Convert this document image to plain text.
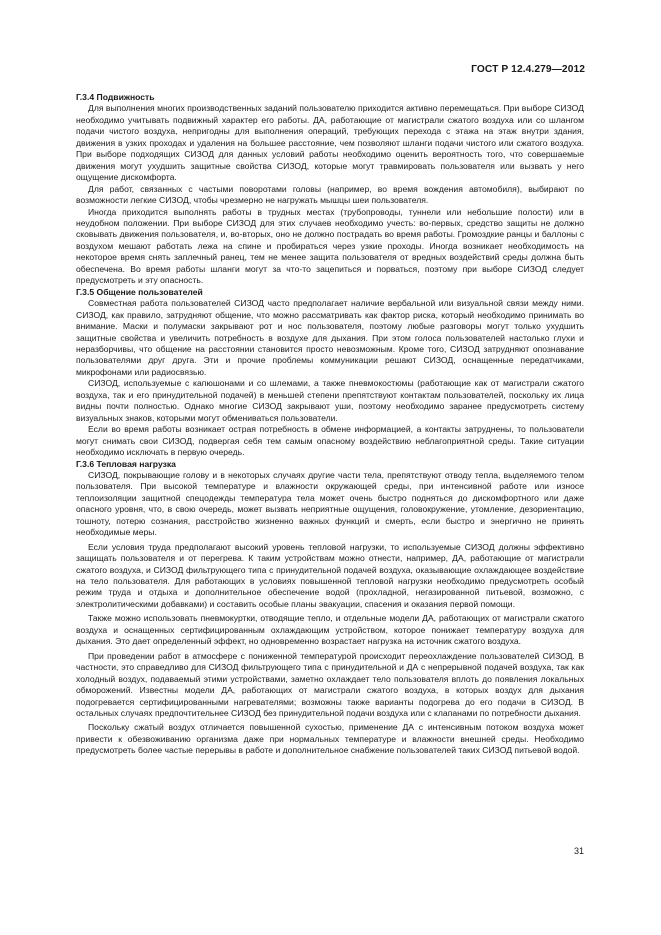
ГОСТ Р 12.4.279—2012
Г.3.4 Подвижность

Для выполнения многих производственных заданий пользователю приходится активно перемещаться. При выборе СИЗОД необходимо учитывать подвижный характер его работы. ДА, работающие от магистрали сжатого воздуха или со шлангом подачи чистого воздуха, непригодны для выполнения операций, требующих перехода с этажа на этаж внутри здания, движения в узких проходах и удаления на большее расстояние, чем позволяют шланги подачи чистого или сжатого воздуха. При выборе подходящих СИЗОД для данных условий работы необходимо оценить вероятность того, что совершаемые движения могут ухудшить защитные свойства СИЗОД, которые могут травмировать пользователя или вызвать у него ощущение дискомфорта.

Для работ, связанных с частыми поворотами головы (например, во время вождения автомобиля), выбирают по возможности легкие СИЗОД, чтобы чрезмерно не нагружать мышцы шеи пользователя.

Иногда приходится выполнять работы в трудных местах (трубопроводы, туннели или небольшие полости) или в неудобном положении. При выборе СИЗОД для этих случаев необходимо учесть: во-первых, средство защиты не должно сковывать движения пользователя, и, во-вторых, оно не должно пострадать во время работы. Громоздкие ранцы и баллоны с воздухом мешают работать лежа на спине и пробираться через узкие проходы. Иногда возникает необходимость на некоторое время снять заплечный ранец, тем не менее защита пользователя от вредных воздействий среды должна быть обеспечена. Во время работы шланги могут за что-то зацепиться и порваться, поэтому при выборе СИЗОД следует предусмотреть и эту опасность.

Г.3.5 Общение пользователей

Совместная работа пользователей СИЗОД часто предполагает наличие вербальной или визуальной связи между ними. СИЗОД, как правило, затрудняют общение, что можно рассматривать как фактор риска, который необходимо принимать во внимание. Маски и полумаски закрывают рот и нос пользователя, поэтому любые разговоры могут только ухудшить защитные свойства и увеличить потребность в воздухе для дыхания. При этом голоса пользователей настолько глухи и неразборчивы, что общение на расстоянии становится просто невозможным. Кроме того, СИЗОД затрудняют опознавание пользователями друг друга. Эти и прочие проблемы коммуникации решают СИЗОД, оснащенные передатчиками, микрофонами или радиосвязью.

СИЗОД, используемые с капюшонами и со шлемами, а также пневмокостюмы (работающие как от магистрали сжатого воздуха, так и его принудительной подачей) в меньшей степени препятствуют контактам пользователей, поскольку их лица видны почти полностью. Однако многие СИЗОД закрывают уши, поэтому необходимо заранее предусмотреть систему визуальных знаков, которыми могут обмениваться пользователи.

Если во время работы возникает острая потребность в обмене информацией, а контакты затруднены, то пользователи могут снимать свои СИЗОД, подвергая себя тем самым опасному воздействию неблагоприятной среды. Такие ситуации необходимо исключать в первую очередь.

Г.3.6 Тепловая нагрузка

СИЗОД, покрывающие голову и в некоторых случаях другие части тела, препятствуют отводу тепла, выделяемого телом пользователя. При высокой температуре и влажности окружающей среды, при интенсивной работе или износе теплоизоляции защитной спецодежды температура тела может очень быстро подняться до дискомфортного или даже опасного уровня, что, в свою очередь, может вызвать неприятные ощущения, головокружение, утомление, дезориентацию, тошноту, потерю сознания, расстройство жизненно важных функций и смерть, если быстро и энергично не принять необходимые меры.

Если условия труда предполагают высокий уровень тепловой нагрузки, то используемые СИЗОД должны эффективно защищать пользователя и от перегрева. К таким устройствам можно отнести, например, ДА, работающие от магистрали сжатого воздуха, и СИЗОД фильтрующего типа с принудительной подачей воздуха, оказывающие охлаждающее воздействие на тело пользователя. Для работающих в условиях повышенной тепловой нагрузки необходимо предусмотреть особый режим труда и отдыха и дополнительное обеспечение водой (прохладной, негазированной питьевой, возможно, с электролитическими добавками) и составить особые планы эвакуации, спасения и оказания первой помощи.

Также можно использовать пневмокуртки, отводящие тепло, и отдельные модели ДА, работающих от магистрали сжатого воздуха и оснащенных сертифицированным охлаждающим устройством, которое понижает температуру воздуха для дыхания. Это дает определенный эффект, но одновременно возрастает нагрузка на источник сжатого воздуха.

При проведении работ в атмосфере с пониженной температурой происходит переохлаждение пользователей СИЗОД. В частности, это справедливо для СИЗОД фильтрующего типа с принудительной и ДА с непрерывной подачей воздуха, так как холодный воздух, подаваемый этими устройствами, заметно охлаждает тело пользователя вплоть до появления локальных обморожений. Известны модели ДА, работающих от магистрали сжатого воздуха, в которых воздух для дыхания подогревается сертифицированными нагревателями; возможны также варианты подогрева до его подачи в СИЗОД. В остальных случаях предпочтительнее СИЗОД без принудительной подачи воздуха или с клапанами по потребности дыхания.

Поскольку сжатый воздух отличается повышенной сухостью, применение ДА с интенсивным потоком воздуха может привести к обезвоживанию организма даже при нормальных температуре и влажности внешней среды. Необходимо предусмотреть более частые перерывы в работе и дополнительное снабжение пользователей таких СИЗОД питьевой водой.

31
